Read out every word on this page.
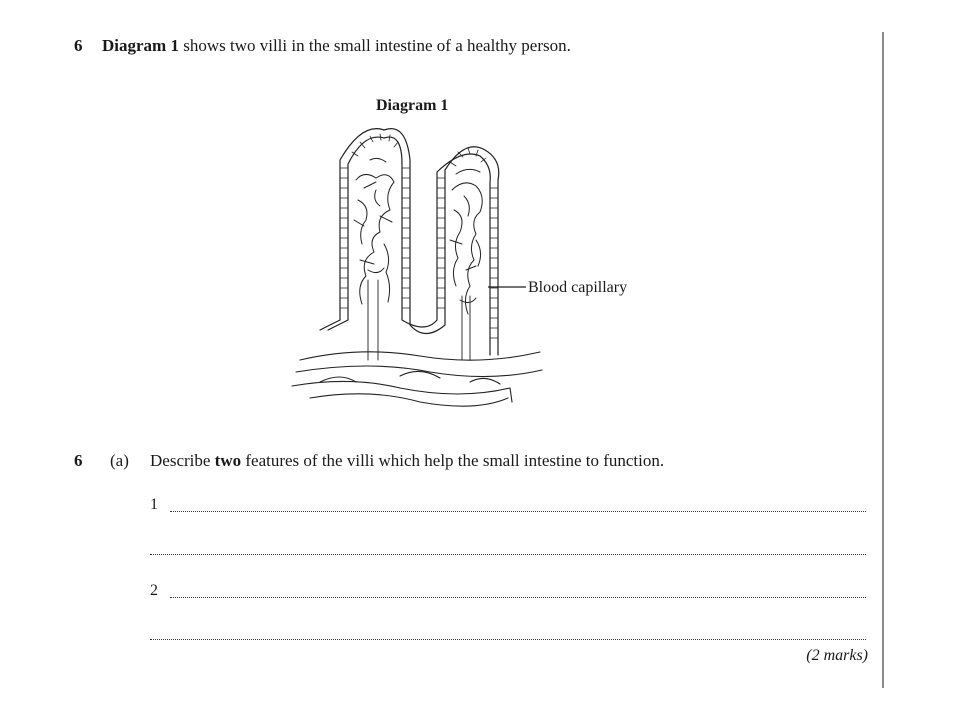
6 Diagram 1 shows two villi in the small intestine of a healthy person.
Diagram 1
Blood capillary
6 (a) Describe two features of the villi which help the small intestine to function.
1
2
(2 marks)
